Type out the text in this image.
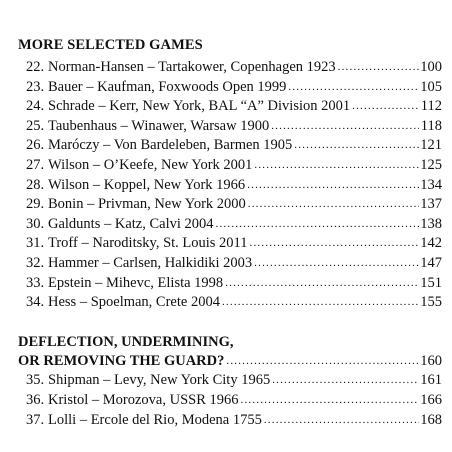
MORE SELECTED GAMES
22. Norman-Hansen – Tartakower, Copenhagen 1923 .....	100
23. Bauer – Kaufman, Foxwoods Open 1999 .....	105
24. Schrade – Kerr, New York, BAL “A” Division 2001 .....	112
25. Taubenhaus – Winawer, Warsaw 1900 .....	118
26. Maróczy – Von Bardeleben, Barmen 1905 .....	121
27. Wilson – O’Keefe, New York 2001 .....	125
28. Wilson – Koppel, New York 1966 .....	134
29. Bonin – Privman, New York 2000 .....	137
30. Galdunts – Katz, Calvi 2004 .....	138
31. Troff – Naroditsky, St. Louis 2011 .....	142
32. Hammer – Carlsen, Halkidiki 2003 .....	147
33. Epstein – Mihevc, Elista 1998 .....	151
34. Hess – Spoelman, Crete 2004 .....	155
DEFLECTION, UNDERMINING,
OR REMOVING THE GUARD? .....	160
35. Shipman – Levy, New York City 1965 .....	161
36. Kristol – Morozova, USSR 1966 .....	166
37. Lolli – Ercole del Rio, Modena 1755 .....	168
